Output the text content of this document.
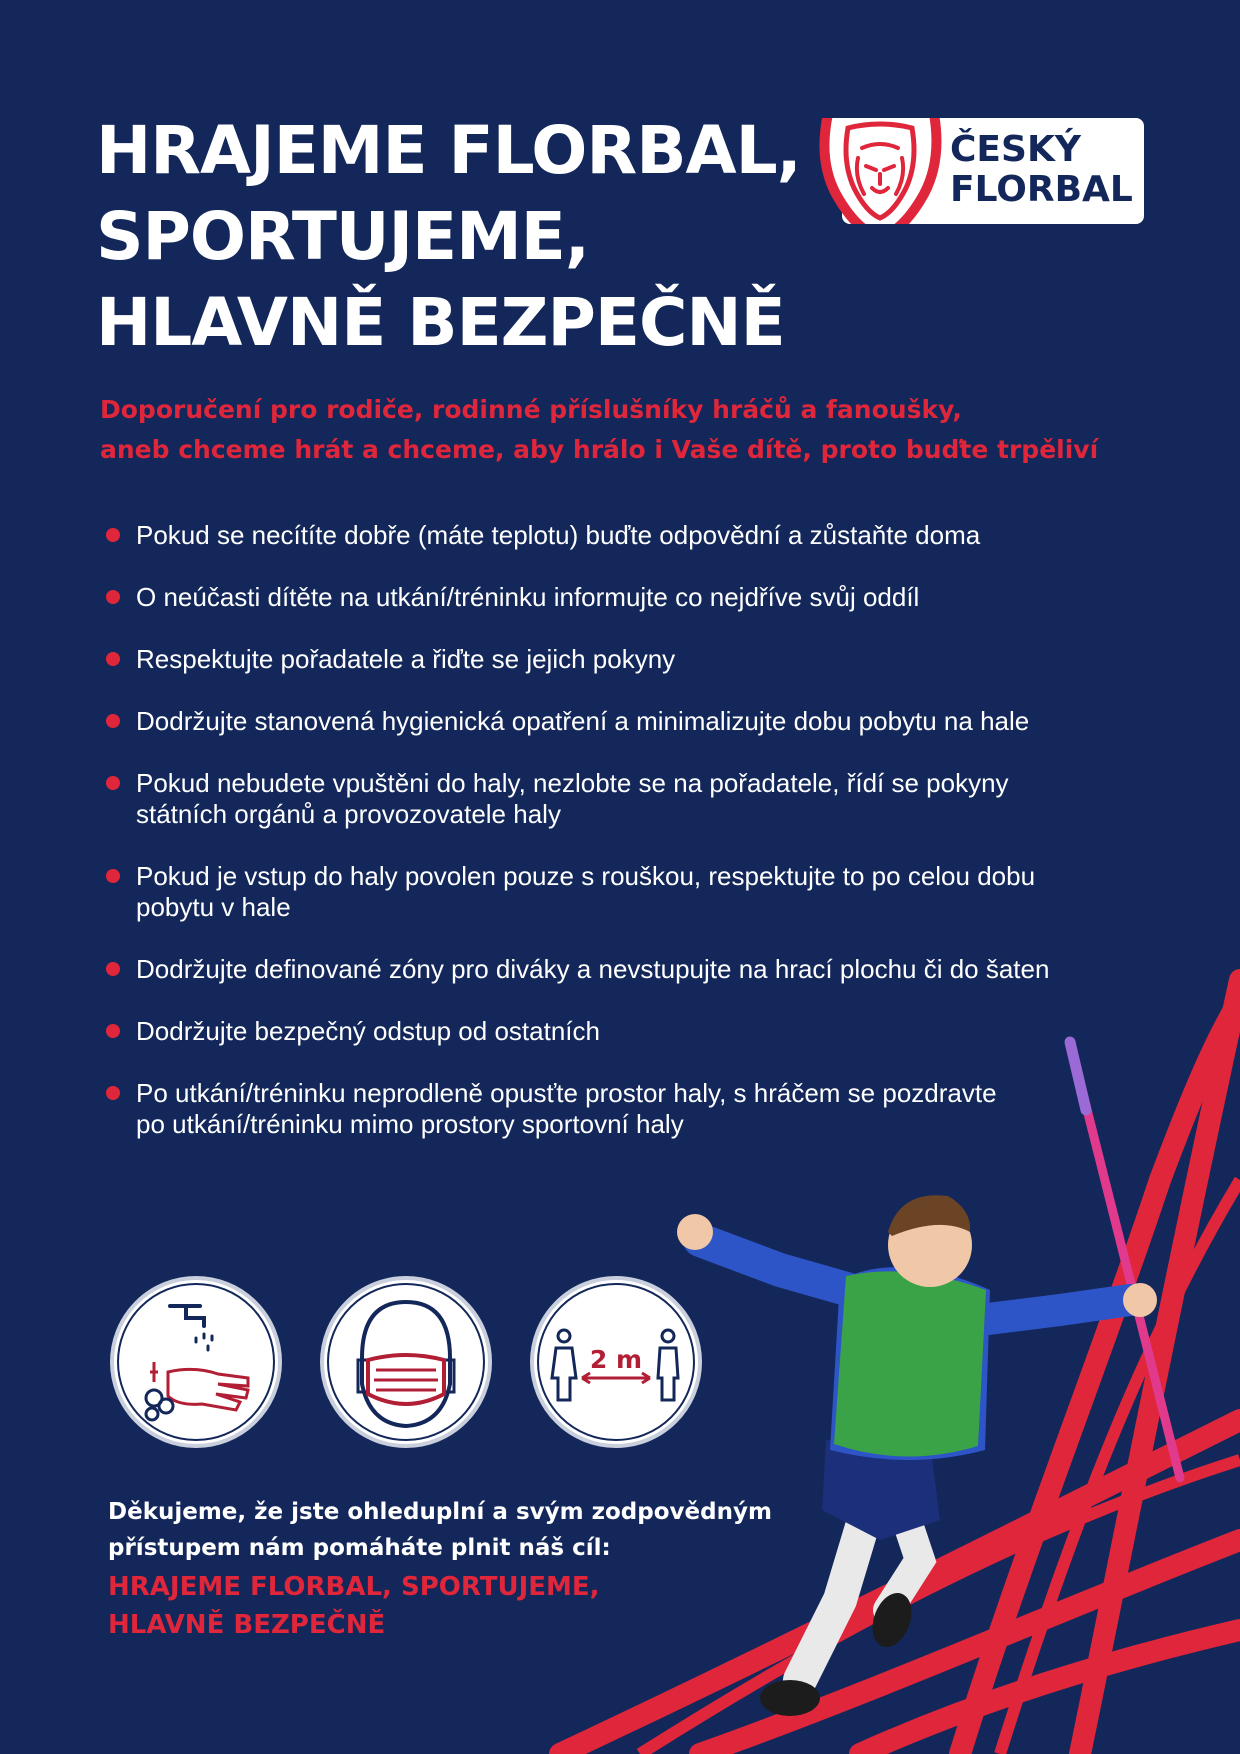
HRAJEME FLORBAL,
SPORTUJEME,
HLAVNĚ BEZPEČNĚ
ČESKÝ
FLORBAL
Doporučení pro rodiče, rodinné příslušníky hráčů a fanoušky,
aneb chceme hrát a chceme, aby hrálo i Vaše dítě, proto buďte trpěliví
Pokud se necítíte dobře (máte teplotu) buďte odpovědní a zůstaňte doma
O neúčasti dítěte na utkání/tréninku informujte co nejdříve svůj oddíl
Respektujte pořadatele a řiďte se jejich pokyny
Dodržujte stanovená hygienická opatření a minimalizujte dobu pobytu na hale
Pokud nebudete vpuštěni do haly, nezlobte se na pořadatele, řídí se pokyny
státních orgánů a provozovatele haly
Pokud je vstup do haly povolen pouze s rouškou, respektujte to po celou dobu
pobytu v hale
Dodržujte definované zóny pro diváky a nevstupujte na hrací plochu či do šaten
Dodržujte bezpečný odstup od ostatních
Po utkání/tréninku neprodleně opusťte prostor haly, s hráčem se pozdravte
po utkání/tréninku mimo prostory sportovní haly
2 m
Děkujeme, že jste ohleduplní a svým zodpovědným
přístupem nám pomáháte plnit náš cíl:
HRAJEME FLORBAL, SPORTUJEME,
HLAVNĚ BEZPEČNĚ
